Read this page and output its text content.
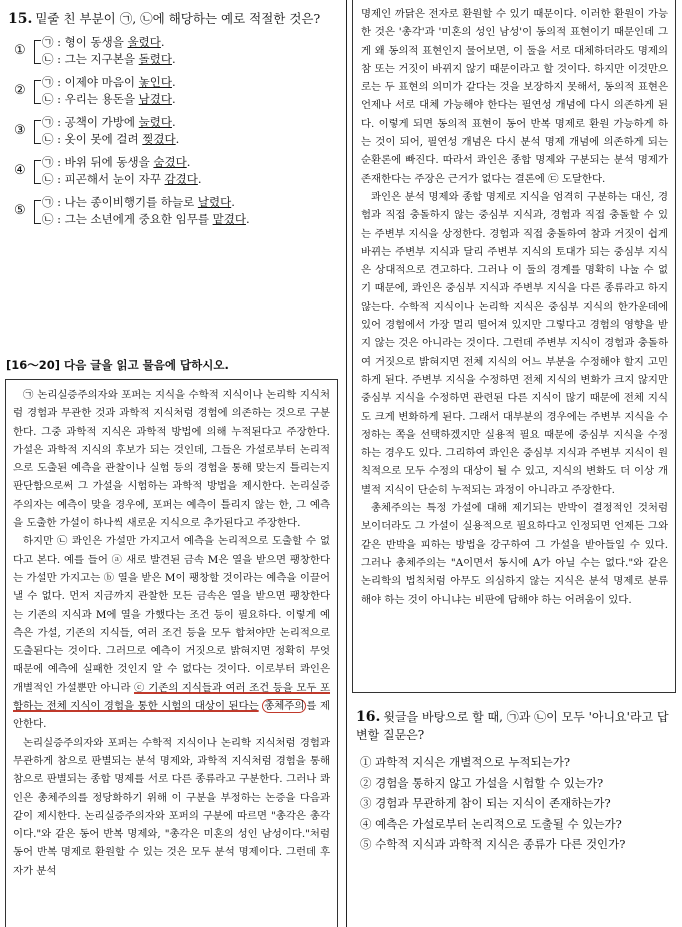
15. 밑줄 친 부분이 ㉠, ㉡에 해당하는 예로 적절한 것은?
①
㉠ : 형이 동생을 울렸다.
㉡ : 그는 지구본을 돌렸다.
②
㉠ : 이제야 마음이 놓인다.
㉡ : 우리는 용돈을 남겼다.
③
㉠ : 공책이 가방에 눌렸다.
㉡ : 옷이 못에 걸려 찢겼다.
④
㉠ : 바위 뒤에 동생을 숨겼다.
㉡ : 피곤해서 눈이 자꾸 감겼다.
⑤
㉠ : 나는 종이비행기를 하늘로 날렸다.
㉡ : 그는 소년에게 중요한 임무를 맡겼다.
[16～20] 다음 글을 읽고 물음에 답하시오.

㉠ 논리실증주의자와 포퍼는 지식을 수학적 지식이나 논리학 지식처럼 경험과 무관한 것과 과학적 지식처럼 경험에 의존하는 것으로 구분한다. 그중 과학적 지식은 과학적 방법에 의해 누적된다고 주장한다. 가설은 과학적 지식의 후보가 되는 것인데, 그들은 가설로부터 논리적으로 도출된 예측을 관찰이나 실험 등의 경험을 통해 맞는지 틀리는지 판단함으로써 그 가설을 시험하는 과학적 방법을 제시한다. 논리실증주의자는 예측이 맞을 경우에, 포퍼는 예측이 틀리지 않는 한, 그 예측을 도출한 가설이 하나씩 새로운 지식으로 추가된다고 주장한다.

하지만 ㉡ 콰인은 가설만 가지고서 예측을 논리적으로 도출할 수 없다고 본다. 예를 들어 ⓐ 새로 발견된 금속 M은 열을 받으면 팽창한다는 가설만 가지고는 ⓑ 열을 받은 M이 팽창할 것이라는 예측을 이끌어낼 수 없다. 먼저 지금까지 관찰한 모든 금속은 열을 받으면 팽창한다는 기존의 지식과 M에 열을 가했다는 조건 등이 필요하다. 이렇게 예측은 가설, 기존의 지식들, 여러 조건 등을 모두 합쳐야만 논리적으로 도출된다는 것이다. 그러므로 예측이 거짓으로 밝혀지면 정확히 무엇 때문에 예측에 실패한 것인지 알 수 없다는 것이다. 이로부터 콰인은 개별적인 가설뿐만 아니라 ⓒ 기존의 지식들과 여러 조건 등을 모두 포함하는 전체 지식이 경험을 통한 시험의 대상이 된다는 총체주의 를 제안한다.

논리실증주의자와 포퍼는 수학적 지식이나 논리학 지식처럼 경험과 무관하게 참으로 판별되는 분석 명제와, 과학적 지식처럼 경험을 통해 참으로 판별되는 종합 명제를 서로 다른 종류라고 구분한다. 그러나 콰인은 총체주의를 정당화하기 위해 이 구분을 부정하는 논증을 다음과 같이 제시한다. 논리실증주의자와 포퍼의 구분에 따르면 "총각은 총각이다."와 같은 동어 반복 명제와, "총각은 미혼의 성인 남성이다."처럼 동어 반복 명제로 환원할 수 있는 것은 모두 분석 명제이다. 그런데 후자가 분석

명제인 까닭은 전자로 환원할 수 있기 때문이다. 이러한 환원이 가능한 것은 '총각'과 '미혼의 성인 남성'이 동의적 표현이기 때문인데 그게 왜 동의적 표현인지 물어보면, 이 둘을 서로 대체하더라도 명제의 참 또는 거짓이 바뀌지 않기 때문이라고 할 것이다. 하지만 이것만으로는 두 표현의 의미가 같다는 것을 보장하지 못해서, 동의적 표현은 언제나 서로 대체 가능해야 한다는 필연성 개념에 다시 의존하게 된다. 이렇게 되면 동의적 표현이 동어 반복 명제로 환원 가능하게 하는 것이 되어, 필연성 개념은 다시 분석 명제 개념에 의존하게 되는 순환론에 빠진다. 따라서 콰인은 종합 명제와 구분되는 분석 명제가 존재한다는 주장은 근거가 없다는 결론에 ㉢ 도달한다.

콰인은 분석 명제와 종합 명제로 지식을 엄격히 구분하는 대신, 경험과 직접 충돌하지 않는 중심부 지식과, 경험과 직접 충돌할 수 있는 주변부 지식을 상정한다. 경험과 직접 충돌하여 참과 거짓이 쉽게 바뀌는 주변부 지식과 달리 주변부 지식의 토대가 되는 중심부 지식은 상대적으로 견고하다. 그러나 이 둘의 경계를 명확히 나눌 수 없기 때문에, 콰인은 중심부 지식과 주변부 지식을 다른 종류라고 하지 않는다. 수학적 지식이나 논리학 지식은 중심부 지식의 한가운데에 있어 경험에서 가장 멀리 떨어져 있지만 그렇다고 경험의 영향을 받지 않는 것은 아니라는 것이다. 그런데 주변부 지식이 경험과 충돌하여 거짓으로 밝혀지면 전체 지식의 어느 부분을 수정해야 할지 고민하게 된다. 주변부 지식을 수정하면 전체 지식의 변화가 크지 않지만 중심부 지식을 수정하면 관련된 다른 지식이 많기 때문에 전체 지식도 크게 변화하게 된다. 그래서 대부분의 경우에는 주변부 지식을 수정하는 쪽을 선택하겠지만 실용적 필요 때문에 중심부 지식을 수정하는 경우도 있다. 그리하여 콰인은 중심부 지식과 주변부 지식이 원칙적으로 모두 수정의 대상이 될 수 있고, 지식의 변화도 더 이상 개별적 지식이 단순히 누적되는 과정이 아니라고 주장한다.

총체주의는 특정 가설에 대해 제기되는 반박이 결정적인 것처럼 보이더라도 그 가설이 실용적으로 필요하다고 인정되면 언제든 그와 같은 반박을 피하는 방법을 강구하여 그 가설을 받아들일 수 있다. 그러나 총체주의는 "A이면서 동시에 A가 아닐 수는 없다."와 같은 논리학의 법칙처럼 아무도 의심하지 않는 지식은 분석 명제로 분류해야 하는 것이 아니냐는 비판에 답해야 하는 어려움이 있다.

16. 윗글을 바탕으로 할 때, ㉠과 ㉡이 모두 '아니요'라고 답변할 질문은?
① 과학적 지식은 개별적으로 누적되는가?
② 경험을 통하지 않고 가설을 시험할 수 있는가?
③ 경험과 무관하게 참이 되는 지식이 존재하는가?
④ 예측은 가설로부터 논리적으로 도출될 수 있는가?
⑤ 수학적 지식과 과학적 지식은 종류가 다른 것인가?
